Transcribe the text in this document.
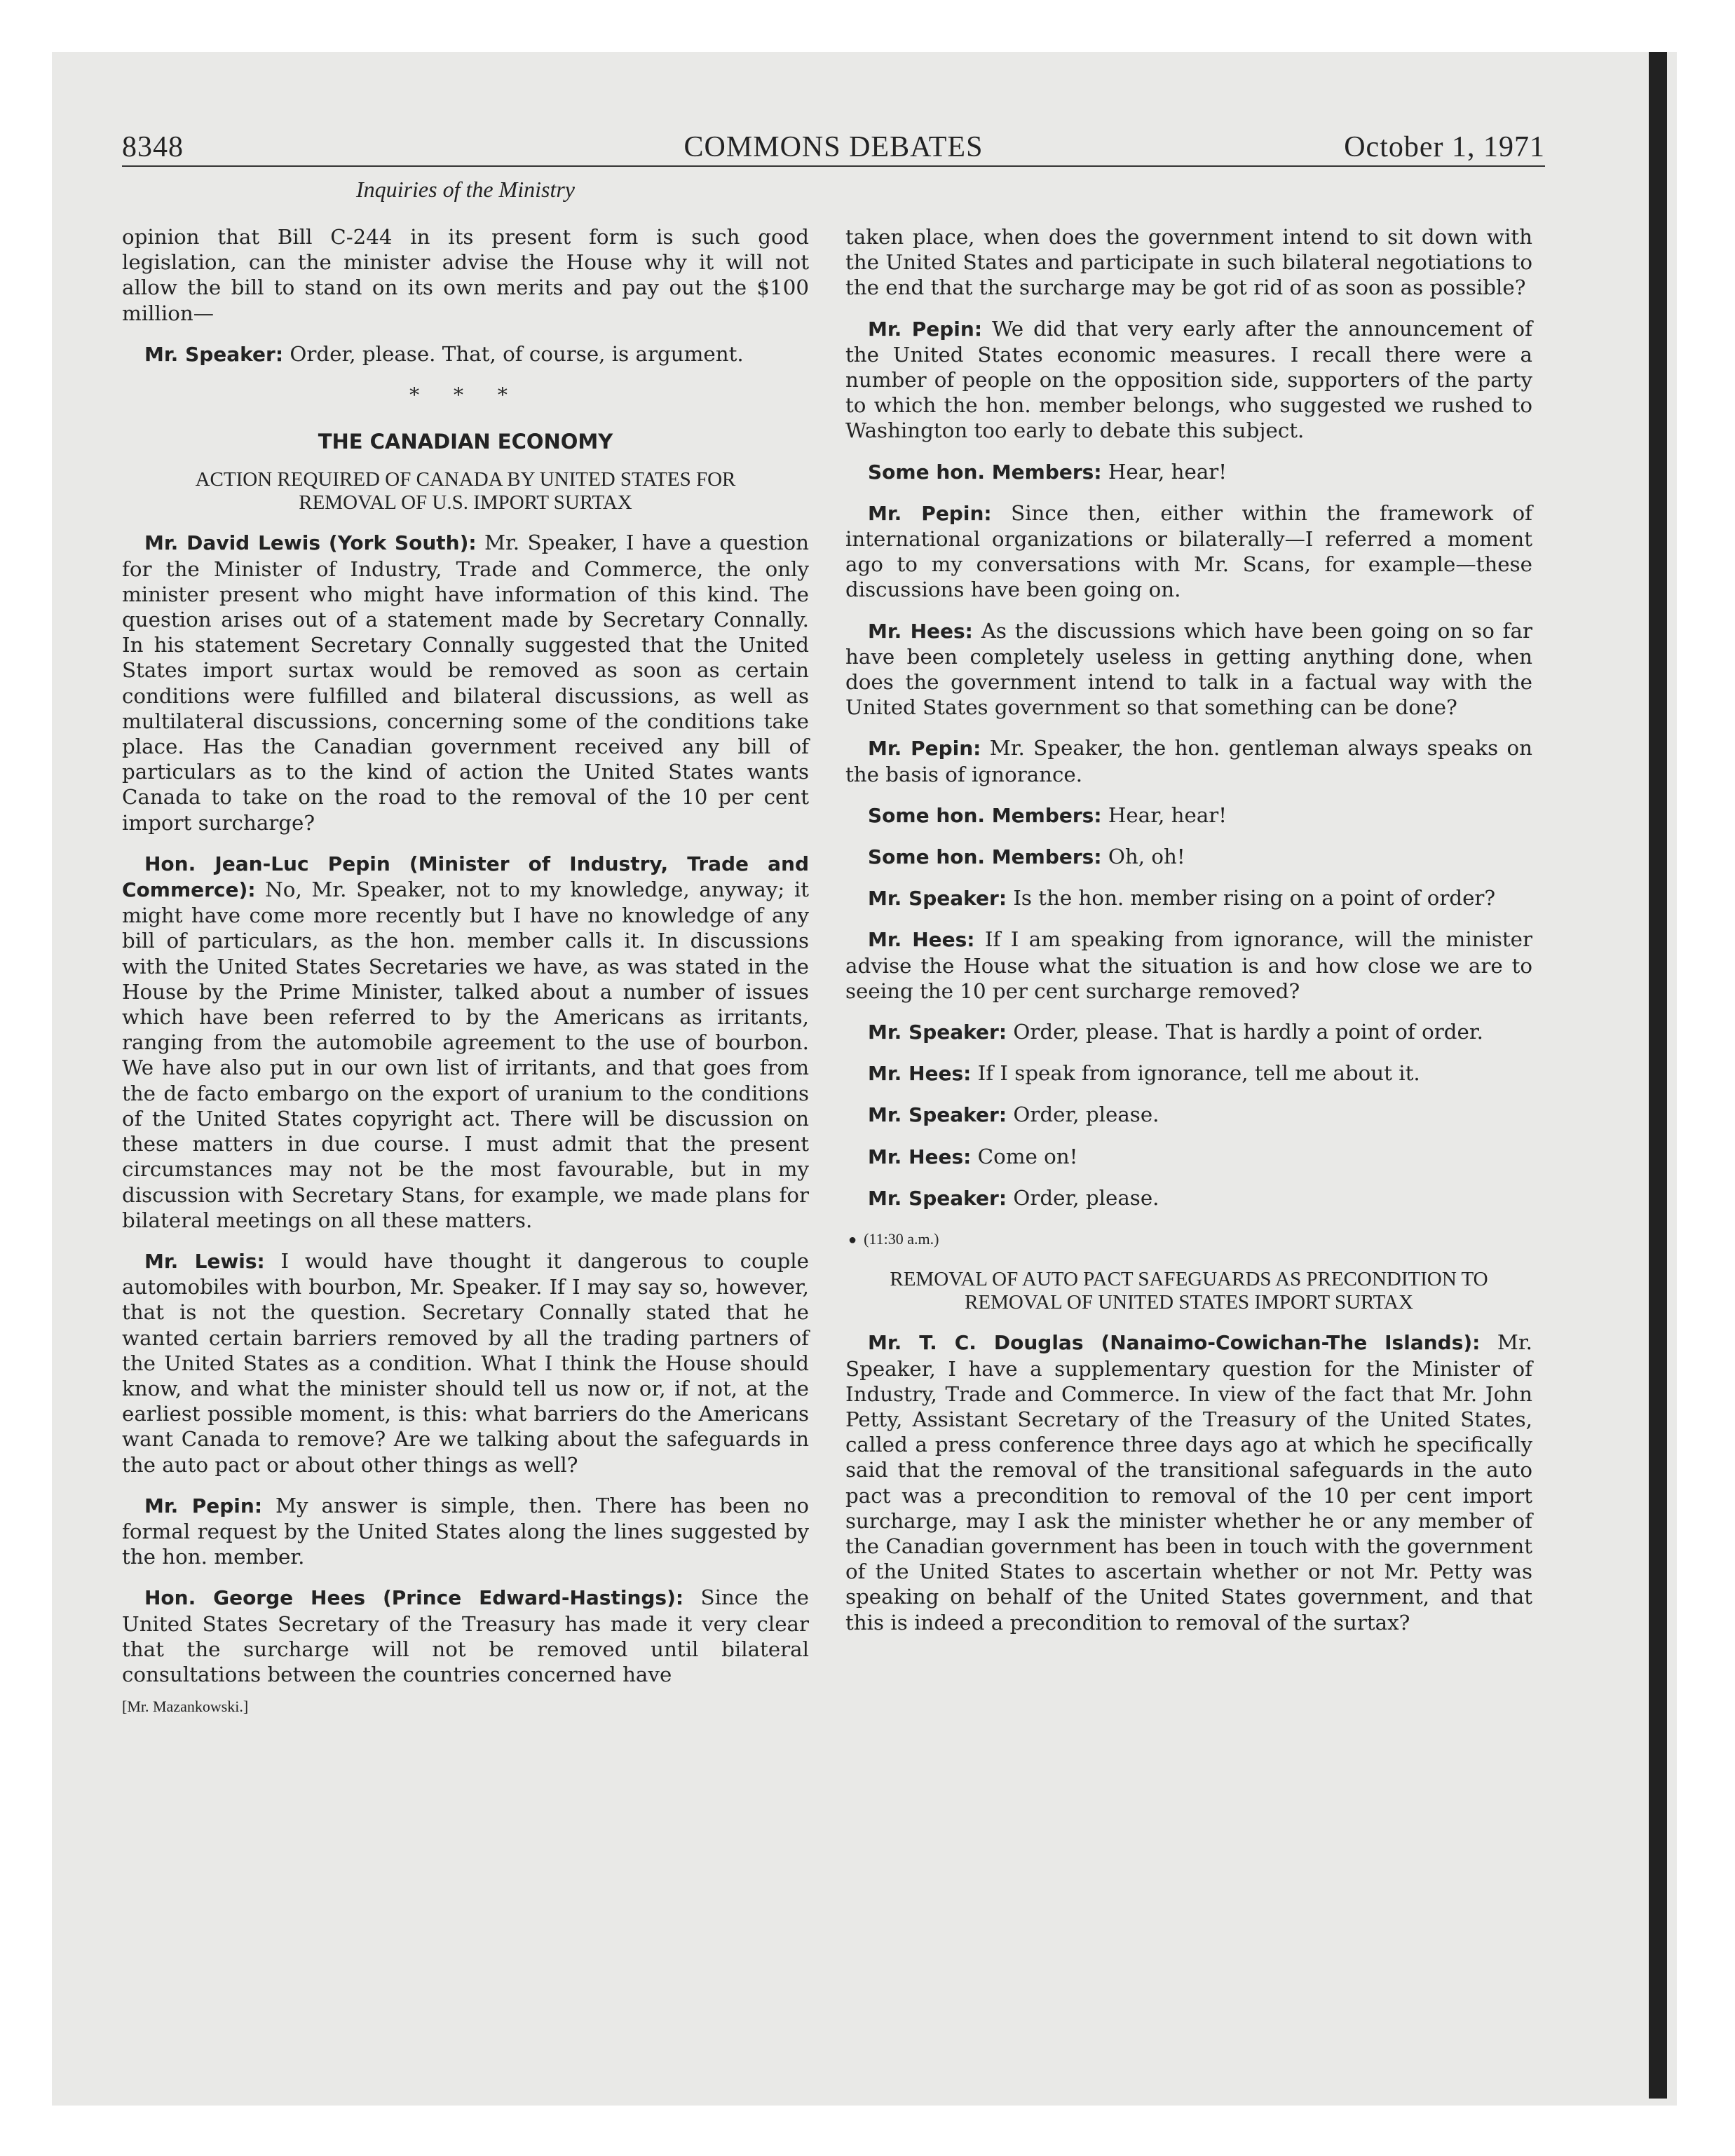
8348	COMMONS DEBATES	October 1, 1971
Inquiries of the Ministry

opinion that Bill C-244 in its present form is such good legislation, can the minister advise the House why it will not allow the bill to stand on its own merits and pay out the $100 million—

Mr. Speaker: Order, please. That, of course, is argument.

* * *
THE CANADIAN ECONOMY
ACTION REQUIRED OF CANADA BY UNITED STATES FOR REMOVAL OF U.S. IMPORT SURTAX

Mr. David Lewis (York South): Mr. Speaker, I have a question for the Minister of Industry, Trade and Commerce, the only minister present who might have information of this kind. The question arises out of a statement made by Secretary Connally. In his statement Secretary Connally suggested that the United States import surtax would be removed as soon as certain conditions were fulfilled and bilateral discussions, as well as multilateral discussions, concerning some of the conditions take place. Has the Canadian government received any bill of particulars as to the kind of action the United States wants Canada to take on the road to the removal of the 10 per cent import surcharge?

Hon. Jean-Luc Pepin (Minister of Industry, Trade and Commerce): No, Mr. Speaker, not to my knowledge, anyway; it might have come more recently but I have no knowledge of any bill of particulars, as the hon. member calls it. In discussions with the United States Secretaries we have, as was stated in the House by the Prime Minister, talked about a number of issues which have been referred to by the Americans as irritants, ranging from the automobile agreement to the use of bourbon. We have also put in our own list of irritants, and that goes from the de facto embargo on the export of uranium to the conditions of the United States copyright act. There will be discussion on these matters in due course. I must admit that the present circumstances may not be the most favourable, but in my discussion with Secretary Stans, for example, we made plans for bilateral meetings on all these matters.

Mr. Lewis: I would have thought it dangerous to couple automobiles with bourbon, Mr. Speaker. If I may say so, however, that is not the question. Secretary Connally stated that he wanted certain barriers removed by all the trading partners of the United States as a condition. What I think the House should know, and what the minister should tell us now or, if not, at the earliest possible moment, is this: what barriers do the Americans want Canada to remove? Are we talking about the safeguards in the auto pact or about other things as well?

Mr. Pepin: My answer is simple, then. There has been no formal request by the United States along the lines suggested by the hon. member.

Hon. George Hees (Prince Edward-Hastings): Since the United States Secretary of the Treasury has made it very clear that the surcharge will not be removed until bilateral consultations between the countries concerned have

[Mr. Mazankowski.]

taken place, when does the government intend to sit down with the United States and participate in such bilateral negotiations to the end that the surcharge may be got rid of as soon as possible?

Mr. Pepin: We did that very early after the announcement of the United States economic measures. I recall there were a number of people on the opposition side, supporters of the party to which the hon. member belongs, who suggested we rushed to Washington too early to debate this subject.

Some hon. Members: Hear, hear!

Mr. Pepin: Since then, either within the framework of international organizations or bilaterally—I referred a moment ago to my conversations with Mr. Scans, for example—these discussions have been going on.

Mr. Hees: As the discussions which have been going on so far have been completely useless in getting anything done, when does the government intend to talk in a factual way with the United States government so that something can be done?

Mr. Pepin: Mr. Speaker, the hon. gentleman always speaks on the basis of ignorance.

Some hon. Members: Hear, hear!

Some hon. Members: Oh, oh!

Mr. Speaker: Is the hon. member rising on a point of order?

Mr. Hees: If I am speaking from ignorance, will the minister advise the House what the situation is and how close we are to seeing the 10 per cent surcharge removed?

Mr. Speaker: Order, please. That is hardly a point of order.

Mr. Hees: If I speak from ignorance, tell me about it.

Mr. Speaker: Order, please.

Mr. Hees: Come on!

Mr. Speaker: Order, please.

● (11:30 a.m.)
REMOVAL OF AUTO PACT SAFEGUARDS AS PRECONDITION TO REMOVAL OF UNITED STATES IMPORT SURTAX

Mr. T. C. Douglas (Nanaimo-Cowichan-The Islands): Mr. Speaker, I have a supplementary question for the Minister of Industry, Trade and Commerce. In view of the fact that Mr. John Petty, Assistant Secretary of the Treasury of the United States, called a press conference three days ago at which he specifically said that the removal of the transitional safeguards in the auto pact was a precondition to removal of the 10 per cent import surcharge, may I ask the minister whether he or any member of the Canadian government has been in touch with the government of the United States to ascertain whether or not Mr. Petty was speaking on behalf of the United States government, and that this is indeed a precondition to removal of the surtax?
